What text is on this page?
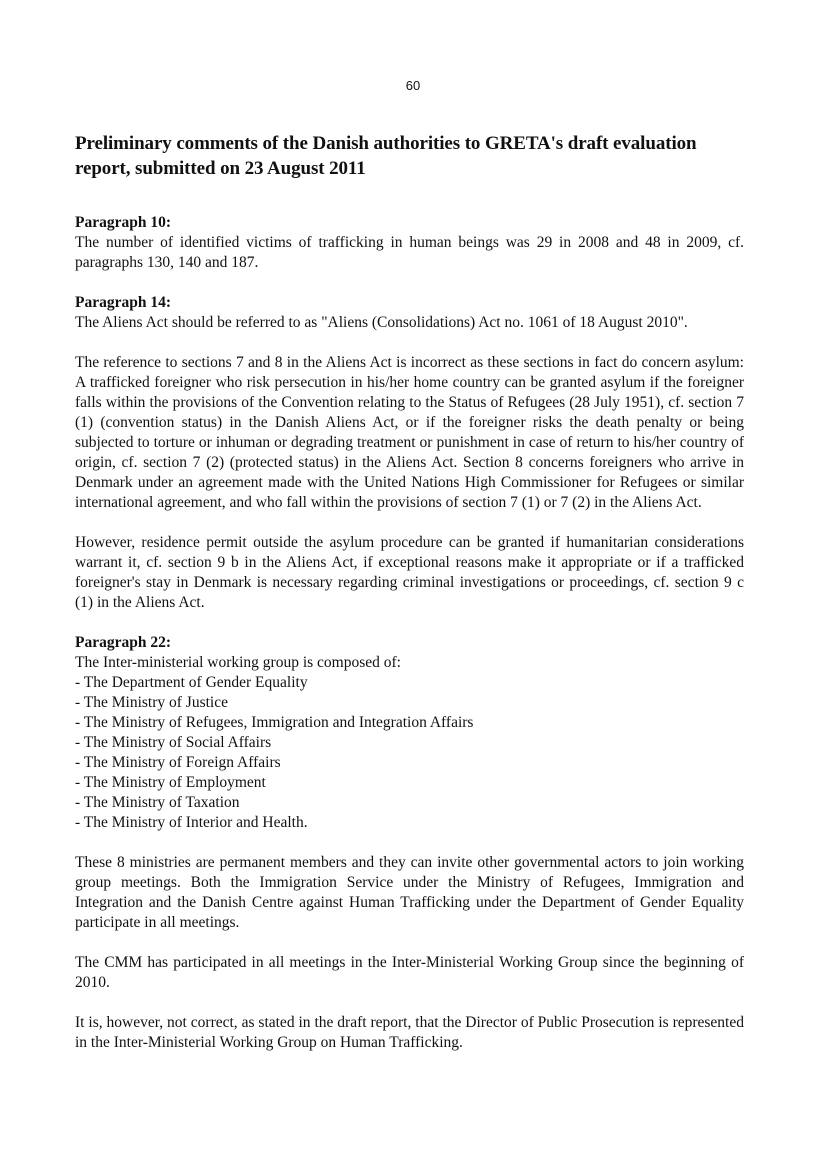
60
Preliminary comments of the Danish authorities to GRETA's draft evaluation report, submitted on 23 August 2011

Paragraph 10:

The number of identified victims of trafficking in human beings was 29 in 2008 and 48 in 2009, cf. paragraphs 130, 140 and 187.

Paragraph 14:

The Aliens Act should be referred to as "Aliens (Consolidations) Act no. 1061 of 18 August 2010".

The reference to sections 7 and 8 in the Aliens Act is incorrect as these sections in fact do concern asylum: A trafficked foreigner who risk persecution in his/her home country can be granted asylum if the foreigner falls within the provisions of the Convention relating to the Status of Refugees (28 July 1951), cf. section 7 (1) (convention status) in the Danish Aliens Act, or if the foreigner risks the death penalty or being subjected to torture or inhuman or degrading treatment or punishment in case of return to his/her country of origin, cf. section 7 (2) (protected status) in the Aliens Act. Section 8 concerns foreigners who arrive in Denmark under an agreement made with the United Nations High Commissioner for Refugees or similar international agreement, and who fall within the provisions of section 7 (1) or 7 (2) in the Aliens Act.

However, residence permit outside the asylum procedure can be granted if humanitarian considerations warrant it, cf. section 9 b in the Aliens Act, if exceptional reasons make it appropriate or if a trafficked foreigner's stay in Denmark is necessary regarding criminal investigations or proceedings, cf. section 9 c (1) in the Aliens Act.

Paragraph 22:

The Inter-ministerial working group is composed of:

- The Department of Gender Equality
- The Ministry of Justice
- The Ministry of Refugees, Immigration and Integration Affairs
- The Ministry of Social Affairs
- The Ministry of Foreign Affairs
- The Ministry of Employment
- The Ministry of Taxation
- The Ministry of Interior and Health.

These 8 ministries are permanent members and they can invite other governmental actors to join working group meetings. Both the Immigration Service under the Ministry of Refugees, Immigration and Integration and the Danish Centre against Human Trafficking under the Department of Gender Equality participate in all meetings.

The CMM has participated in all meetings in the Inter-Ministerial Working Group since the beginning of 2010.

It is, however, not correct, as stated in the draft report, that the Director of Public Prosecution is represented in the Inter-Ministerial Working Group on Human Trafficking.
